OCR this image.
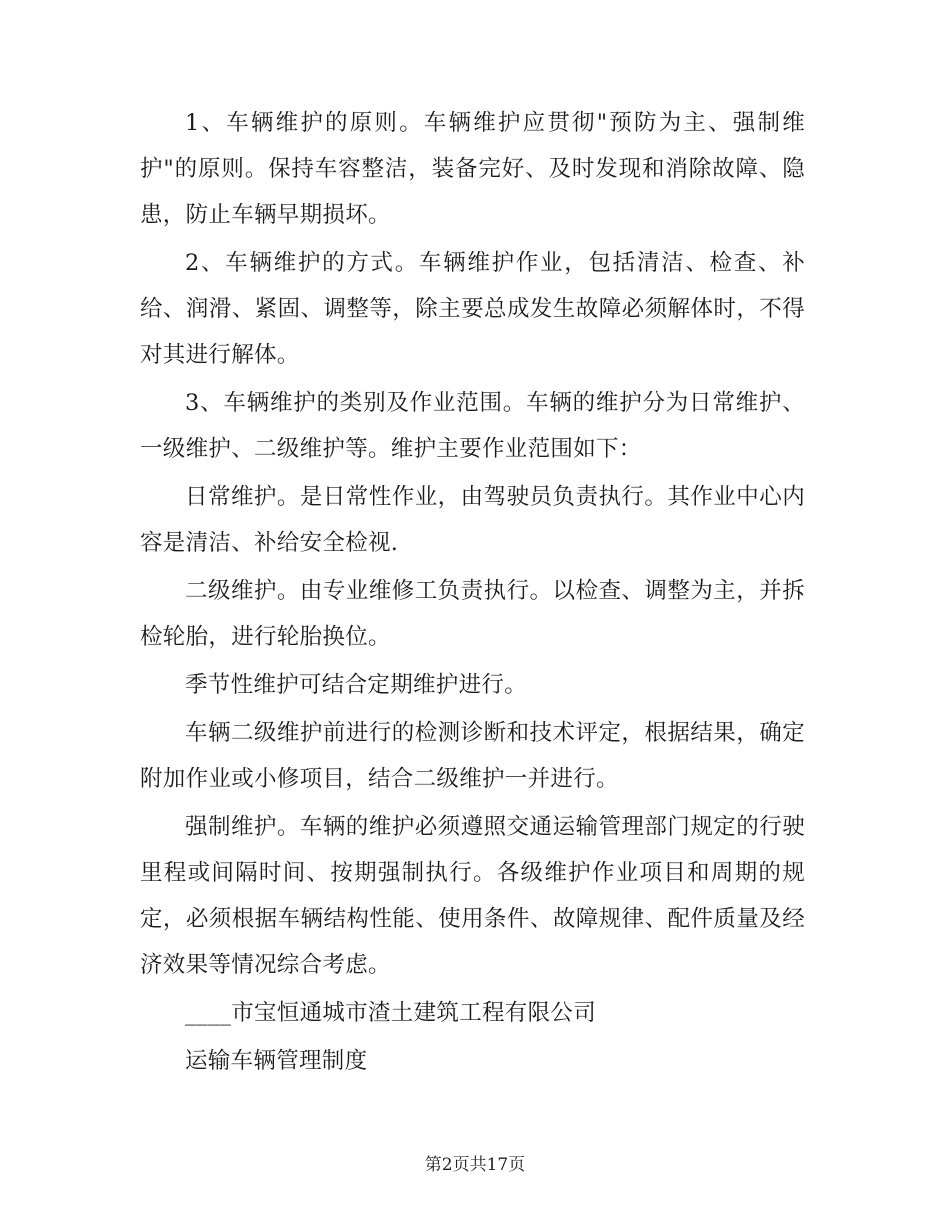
1、车辆维护的原则。车辆维护应贯彻"预防为主、强制维护"的原则。保持车容整洁，装备完好、及时发现和消除故障、隐患，防止车辆早期损坏。

2、车辆维护的方式。车辆维护作业，包括清洁、检查、补给、润滑、紧固、调整等，除主要总成发生故障必须解体时，不得对其进行解体。

3、车辆维护的类别及作业范围。车辆的维护分为日常维护、一级维护、二级维护等。维护主要作业范围如下：

日常维护。是日常性作业，由驾驶员负责执行。其作业中心内容是清洁、补给安全检视.

二级维护。由专业维修工负责执行。以检查、调整为主，并拆检轮胎，进行轮胎换位。

季节性维护可结合定期维护进行。

车辆二级维护前进行的检测诊断和技术评定，根据结果，确定附加作业或小修项目，结合二级维护一并进行。

强制维护。车辆的维护必须遵照交通运输管理部门规定的行驶里程或间隔时间、按期强制执行。各级维护作业项目和周期的规定，必须根据车辆结构性能、使用条件、故障规律、配件质量及经济效果等情况综合考虑。

____市宝恒通城市渣土建筑工程有限公司

运输车辆管理制度

第2页共17页
